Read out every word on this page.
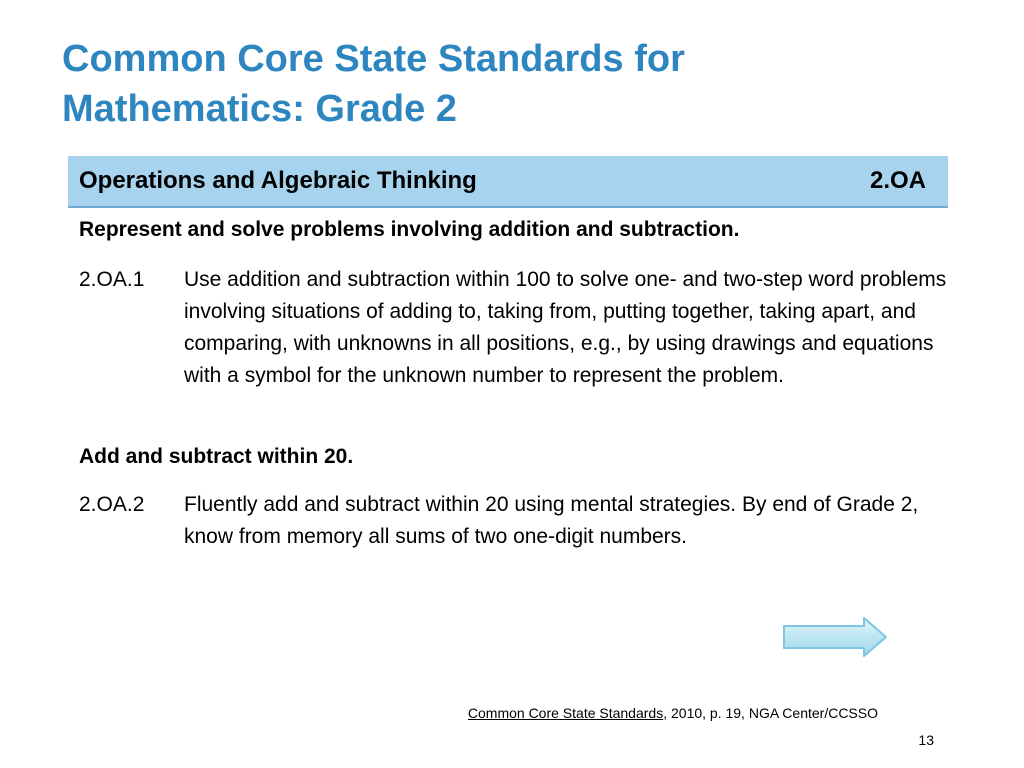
Common Core State Standards for
Mathematics: Grade 2
Operations and Algebraic Thinking	2.OA

Represent and solve problems involving addition and subtraction.

2.OA.1 Use addition and subtraction within 100 to solve one- and two-step word problems involving situations of adding to, taking from, putting together, taking apart, and comparing, with unknowns in all positions, e.g., by using drawings and equations with a symbol for the unknown number to represent the problem.

Add and subtract within 20.

2.OA.2 Fluently add and subtract within 20 using mental strategies. By end of Grade 2, know from memory all sums of two one-digit numbers.

Common Core State Standards, 2010, p. 19, NGA Center/CCSSO
13
